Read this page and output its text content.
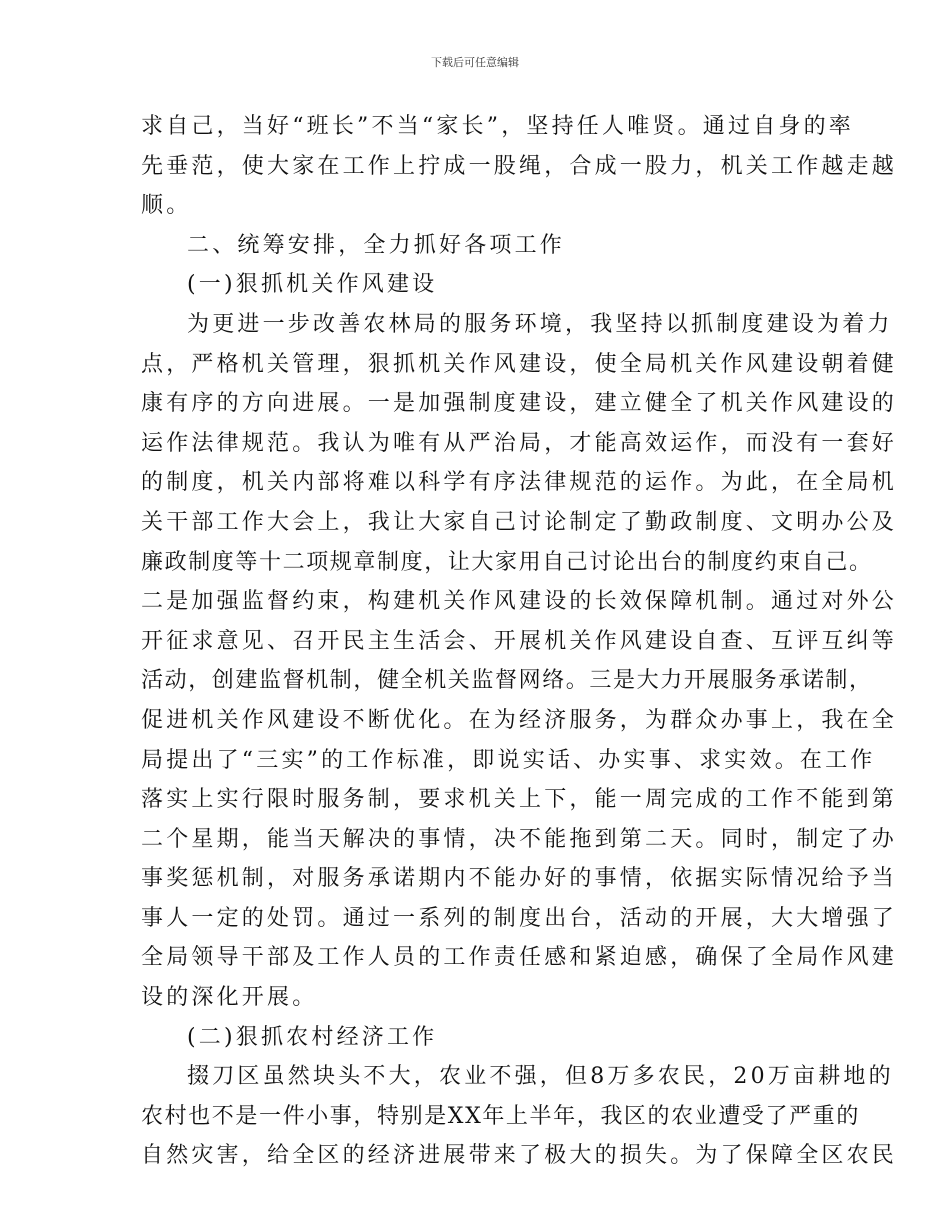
下载后可任意编辑
求自己，当好“班长”不当“家长”，坚持任人唯贤。通过自身的率
先垂范，使大家在工作上拧成一股绳，合成一股力，机关工作越走越
顺。
二、统筹安排，全力抓好各项工作
(一)狠抓机关作风建设
为更进一步改善农林局的服务环境，我坚持以抓制度建设为着力
点，严格机关管理，狠抓机关作风建设，使全局机关作风建设朝着健
康有序的方向进展。一是加强制度建设，建立健全了机关作风建设的
运作法律规范。我认为唯有从严治局，才能高效运作，而没有一套好
的制度，机关内部将难以科学有序法律规范的运作。为此，在全局机
关干部工作大会上，我让大家自己讨论制定了勤政制度、文明办公及
廉政制度等十二项规章制度，让大家用自己讨论出台的制度约束自己。
二是加强监督约束，构建机关作风建设的长效保障机制。通过对外公
开征求意见、召开民主生活会、开展机关作风建设自查、互评互纠等
活动，创建监督机制，健全机关监督网络。三是大力开展服务承诺制，
促进机关作风建设不断优化。在为经济服务，为群众办事上，我在全
局提出了“三实”的工作标准，即说实话、办实事、求实效。在工作
落实上实行限时服务制，要求机关上下，能一周完成的工作不能到第
二个星期，能当天解决的事情，决不能拖到第二天。同时，制定了办
事奖惩机制，对服务承诺期内不能办好的事情，依据实际情况给予当
事人一定的处罚。通过一系列的制度出台，活动的开展，大大增强了
全局领导干部及工作人员的工作责任感和紧迫感，确保了全局作风建
设的深化开展。
(二)狠抓农村经济工作
掇刀区虽然块头不大，农业不强，但8万多农民，20万亩耕地的
农村也不是一件小事，特别是XX年上半年，我区的农业遭受了严重的
自然灾害，给全区的经济进展带来了极大的损失。为了保障全区农民
